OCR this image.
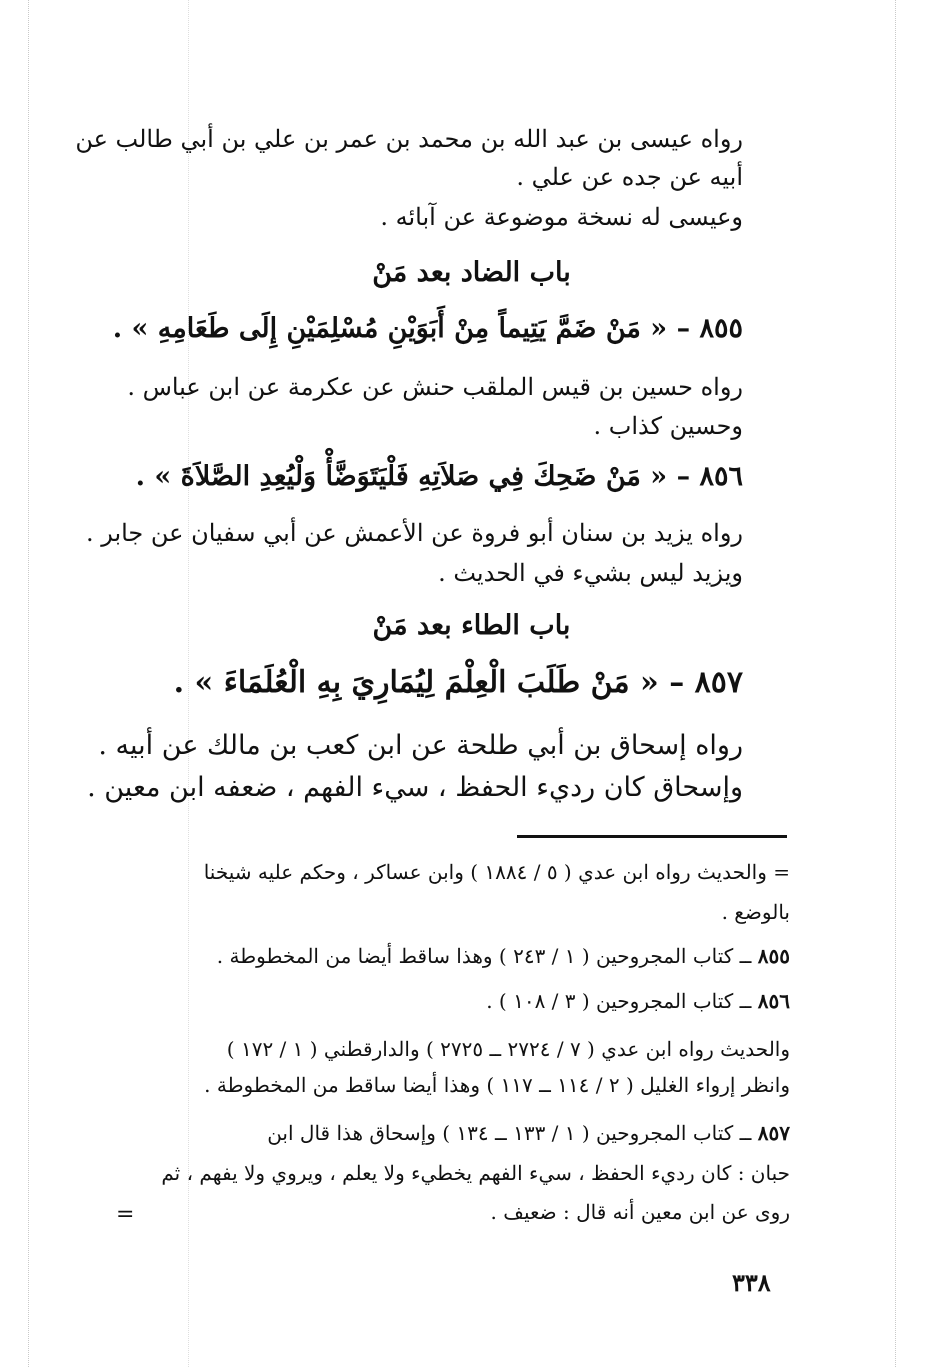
رواه عيسى بن عبد الله بن محمد بن عمر بن علي بن أبي طالب عن
أبيه عن جده عن علي .
وعيسى له نسخة موضوعة عن آبائه .
باب الضاد بعد مَنْ
٨٥٥ – « مَنْ ضَمَّ يَتِيماً مِنْ أَبَوَيْنِ مُسْلِمَيْنِ إِلَى طَعَامِهِ » .
رواه حسين بن قيس الملقب حنش عن عكرمة عن ابن عباس .
وحسين كذاب .
٨٥٦ – « مَنْ ضَحِكَ فِي صَلاَتِهِ فَلْيَتَوَضَّأْ وَلْيُعِدِ الصَّلاَةَ » .
رواه يزيد بن سنان أبو فروة عن الأعمش عن أبي سفيان عن جابر .
ويزيد ليس بشيء في الحديث .
باب الطاء بعد مَنْ
٨٥٧ – « مَنْ طَلَبَ الْعِلْمَ لِيُمَارِيَ بِهِ الْعُلَمَاءَ » .
رواه إسحاق بن أبي طلحة عن ابن كعب بن مالك عن أبيه .
وإسحاق كان رديء الحفظ ، سيء الفهم ، ضعفه ابن معين .
= والحديث رواه ابن عدي ( ٥ / ١٨٨٤ ) وابن عساكر ، وحكم عليه شيخنا
بالوضع .
٨٥٥ ــ كتاب المجروحين ( ١ / ٢٤٣ ) وهذا ساقط أيضا من المخطوطة .
٨٥٦ ــ كتاب المجروحين ( ٣ / ١٠٨ ) .
والحديث رواه ابن عدي ( ٧ / ٢٧٢٤ ــ ٢٧٢٥ ) والدارقطني ( ١ / ١٧٢ )
وانظر إرواء الغليل ( ٢ / ١١٤ ــ ١١٧ ) وهذا أيضا ساقط من المخطوطة .
٨٥٧ ــ كتاب المجروحين ( ١ / ١٣٣ ــ ١٣٤ ) وإسحاق هذا قال ابن
حبان : كان رديء الحفظ ، سيء الفهم يخطيء ولا يعلم ، ويروي ولا يفهم ، ثم
روى عن ابن معين أنه قال : ضعيف .
=
٣٣٨
